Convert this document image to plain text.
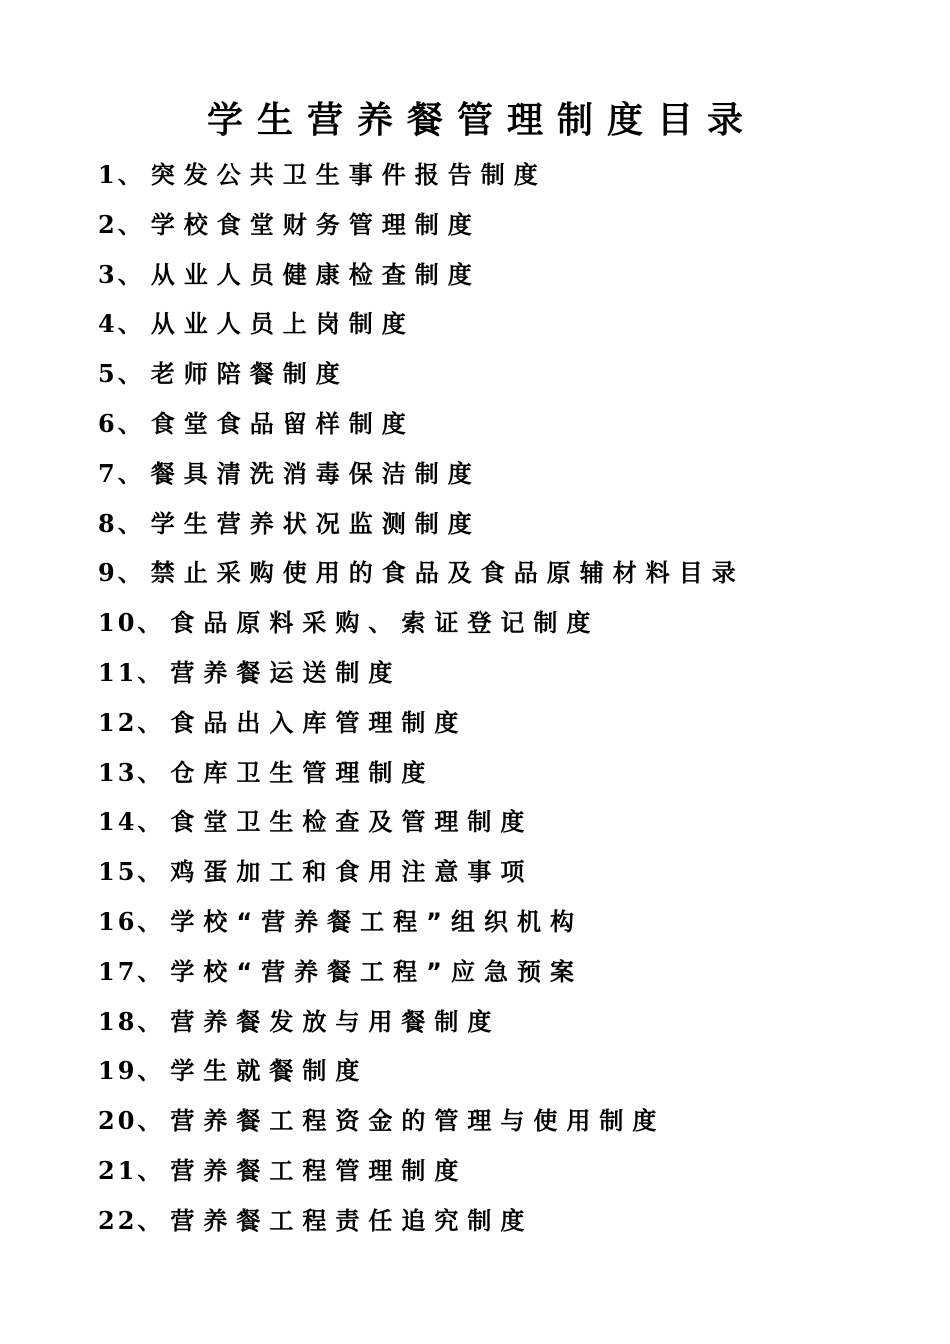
学生营养餐管理制度目录
1、突发公共卫生事件报告制度
2、学校食堂财务管理制度
3、从业人员健康检查制度
4、从业人员上岗制度
5、老师陪餐制度
6、食堂食品留样制度
7、餐具清洗消毒保洁制度
8、学生营养状况监测制度
9、禁止采购使用的食品及食品原辅材料目录
10、食品原料采购、索证登记制度
11、营养餐运送制度
12、食品出入库管理制度
13、仓库卫生管理制度
14、食堂卫生检查及管理制度
15、鸡蛋加工和食用注意事项
16、学校“营养餐工程”组织机构
17、学校“营养餐工程”应急预案
18、营养餐发放与用餐制度
19、学生就餐制度
20、营养餐工程资金的管理与使用制度
21、营养餐工程管理制度
22、营养餐工程责任追究制度
